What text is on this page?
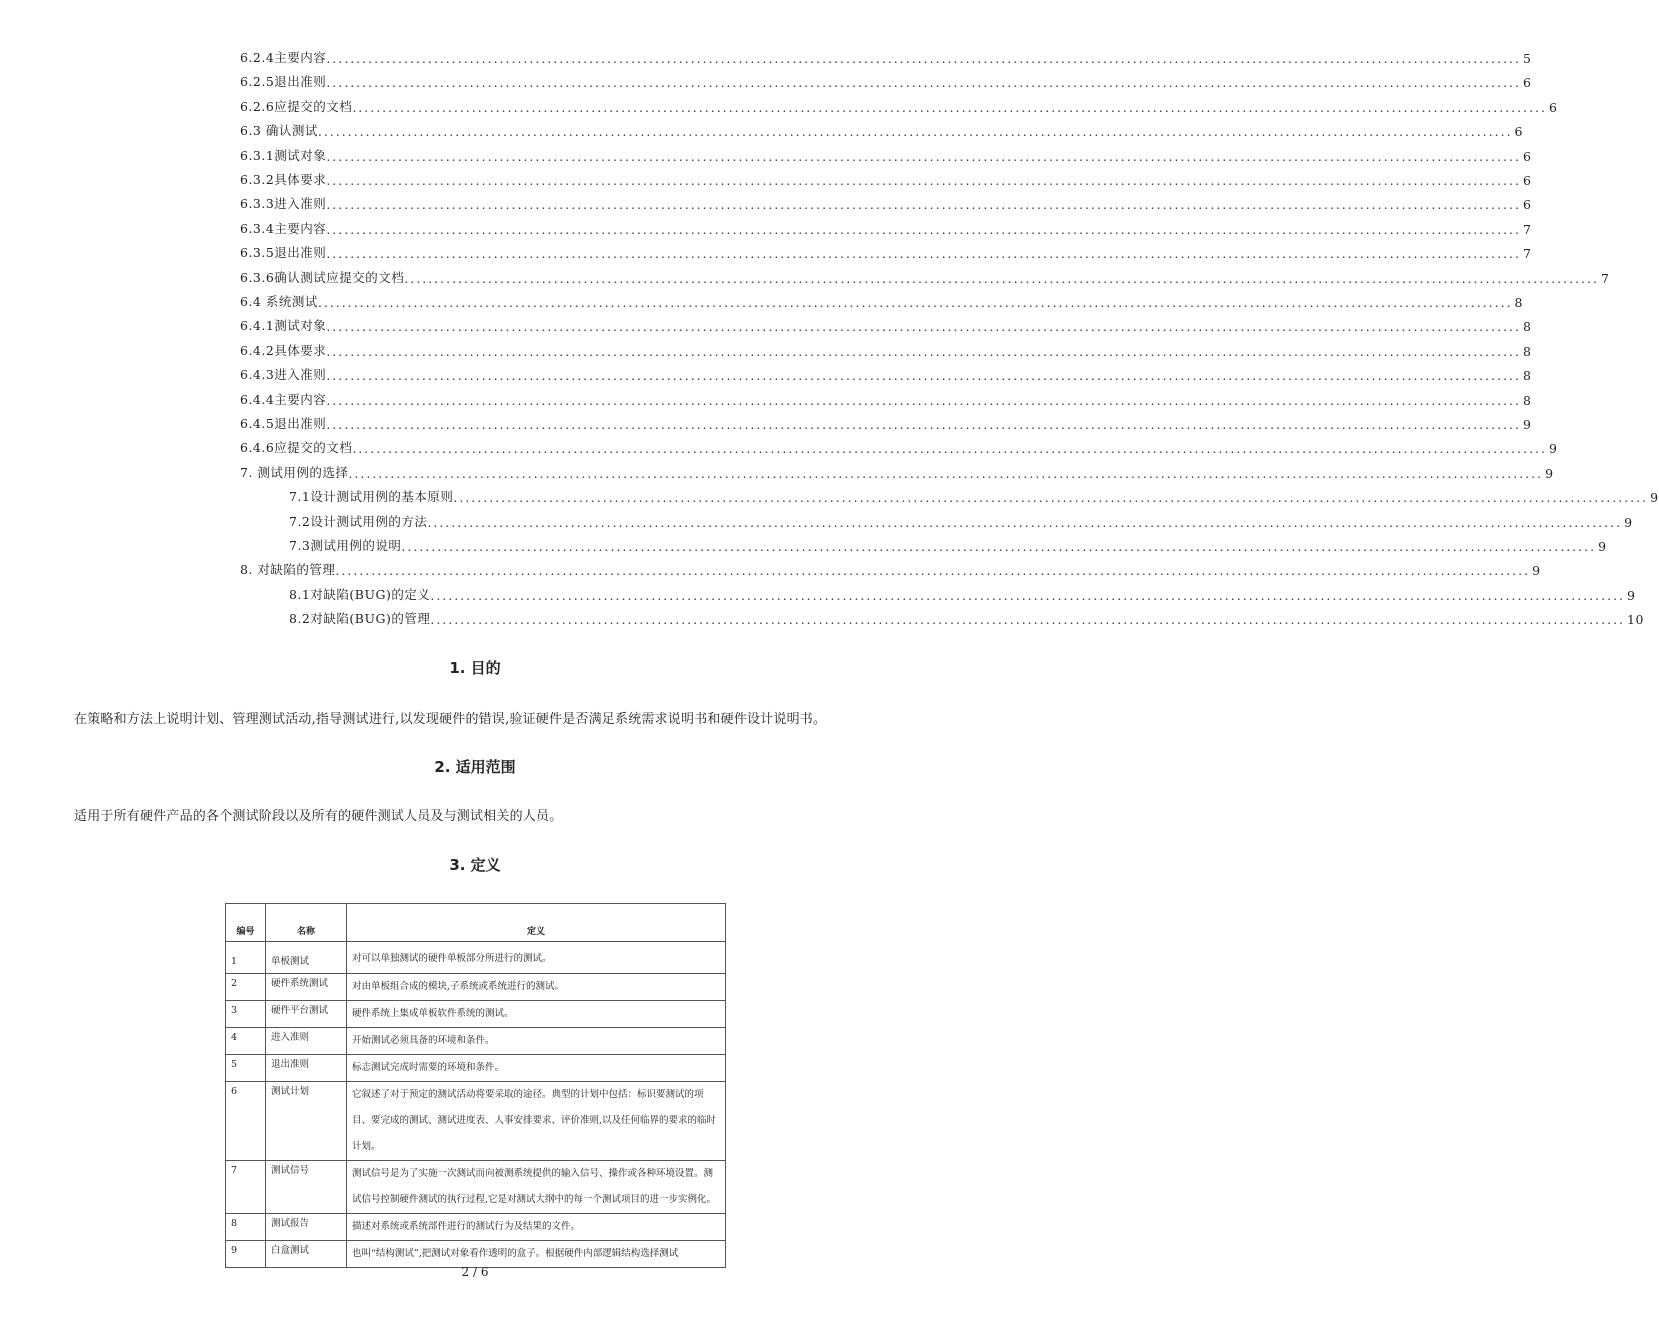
6.2.4主要内容 ........................................................................................................................................................................................................ 5
6.2.5退出准则 ........................................................................................................................................................................................................ 6
6.2.6应提交的文档 ........................................................................................................................................................................................................ 6
6.3 确认测试 ........................................................................................................................................................................................................ 6
6.3.1测试对象 ........................................................................................................................................................................................................ 6
6.3.2具体要求 ........................................................................................................................................................................................................ 6
6.3.3进入准则 ........................................................................................................................................................................................................ 6
6.3.4主要内容 ........................................................................................................................................................................................................ 7
6.3.5退出准则 ........................................................................................................................................................................................................ 7
6.3.6确认测试应提交的文档 ........................................................................................................................................................................................................ 7
6.4 系统测试 ........................................................................................................................................................................................................ 8
6.4.1测试对象 ........................................................................................................................................................................................................ 8
6.4.2具体要求 ........................................................................................................................................................................................................ 8
6.4.3进入准则 ........................................................................................................................................................................................................ 8
6.4.4主要内容 ........................................................................................................................................................................................................ 8
6.4.5退出准则 ........................................................................................................................................................................................................ 9
6.4.6应提交的文档 ........................................................................................................................................................................................................ 9
7. 测试用例的选择 ........................................................................................................................................................................................................ 9
7.1设计测试用例的基本原则 ........................................................................................................................................................................................................ 9
7.2设计测试用例的方法 ........................................................................................................................................................................................................ 9
7.3测试用例的说明 ........................................................................................................................................................................................................ 9
8. 对缺陷的管理 ........................................................................................................................................................................................................ 9
8.1对缺陷(BUG)的定义 ........................................................................................................................................................................................................ 9
8.2对缺陷(BUG)的管理 ........................................................................................................................................................................................................ 10
1. 目的
在策略和方法上说明计划、管理测试活动,指导测试进行,以发现硬件的错误,验证硬件是否满足系统需求说明书和硬件设计说明书。
2. 适用范围
适用于所有硬件产品的各个测试阶段以及所有的硬件测试人员及与测试相关的人员。
3. 定义
编号	名称	定义
1	单板测试	对可以单独测试的硬件单板部分所进行的测试。
2	硬件系统测试	对由单板组合成的模块,子系统或系统进行的测试。
3	硬件平台测试	硬件系统上集成单板软件系统的测试。
4	进入准则	开始测试必须具备的环境和条件。
5	退出准则	标志测试完成时需要的环境和条件。
6	测试计划	它叙述了对于预定的测试活动将要采取的途径。典型的计划中包括：标识要测试的项目、要完成的测试、测试进度表、人事安排要求、评价准则,以及任何临界的要求的临时计划。
7	测试信号	测试信号是为了实施一次测试而向被测系统提供的输入信号、操作或各种环境设置。测试信号控制硬件测试的执行过程,它是对测试大纲中的每一个测试项目的进一步实例化。
8	测试报告	描述对系统或系统部件进行的测试行为及结果的文件。
9	白盒测试	也叫“结构测试”,把测试对象看作透明的盒子。根据硬件内部逻辑结构选择测试
2 / 6
